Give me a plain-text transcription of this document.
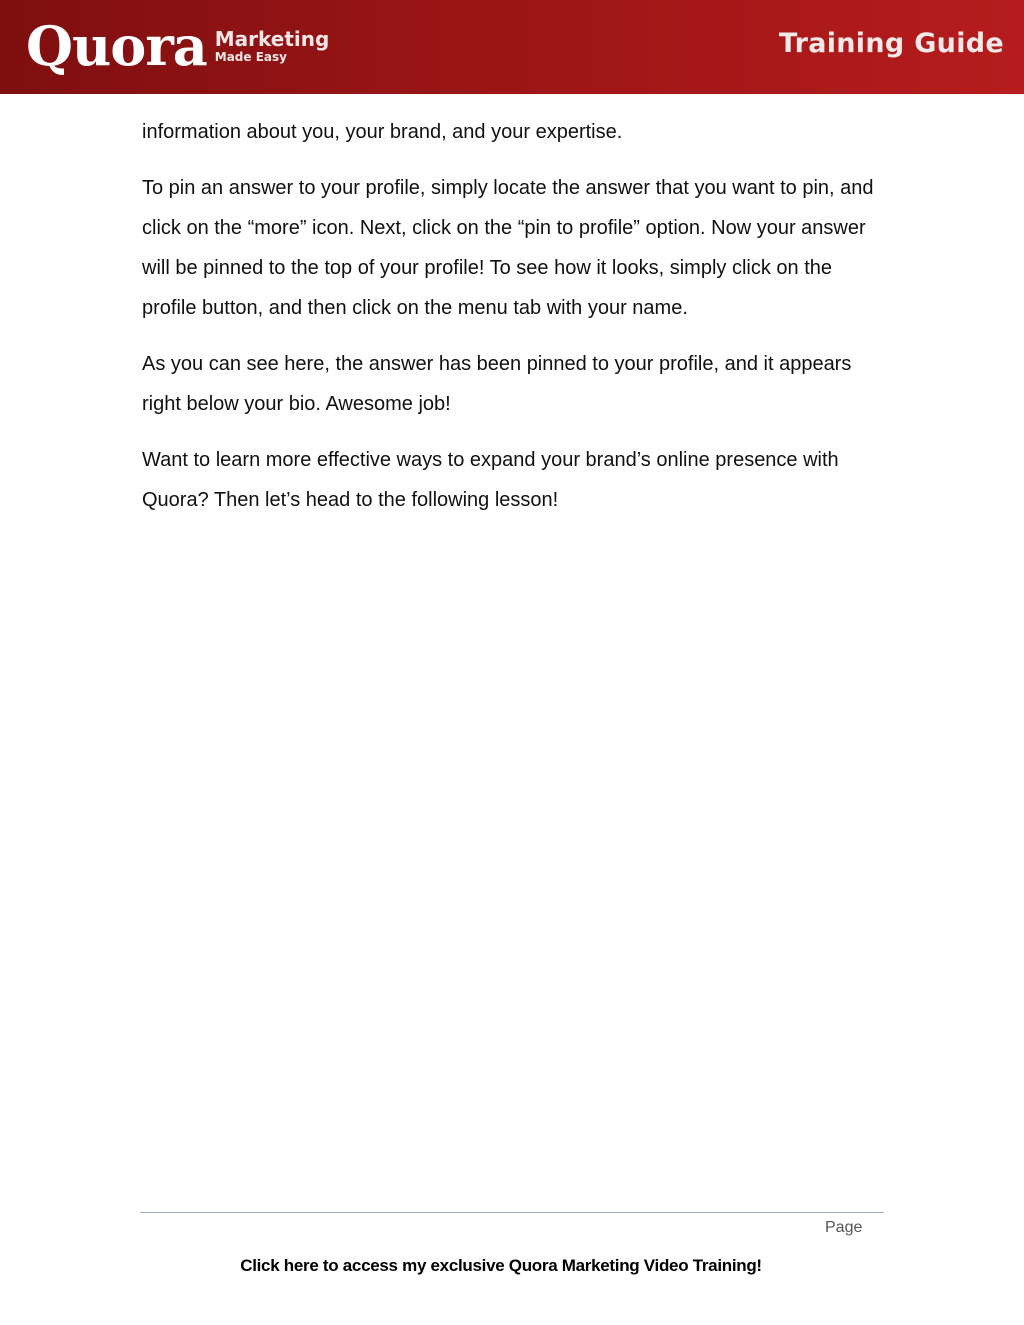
Quora Marketing
Made Easy	Training Guide

information about you, your brand, and your expertise.

To pin an answer to your profile, simply locate the answer that you want to pin, and click on the “more” icon. Next, click on the “pin to profile” option. Now your answer will be pinned to the top of your profile! To see how it looks, simply click on the profile button, and then click on the menu tab with your name.

As you can see here, the answer has been pinned to your profile, and it appears right below your bio. Awesome job!

Want to learn more effective ways to expand your brand’s online presence with Quora? Then let’s head to the following lesson!

Page
Click here to access my exclusive Quora Marketing Video Training!
